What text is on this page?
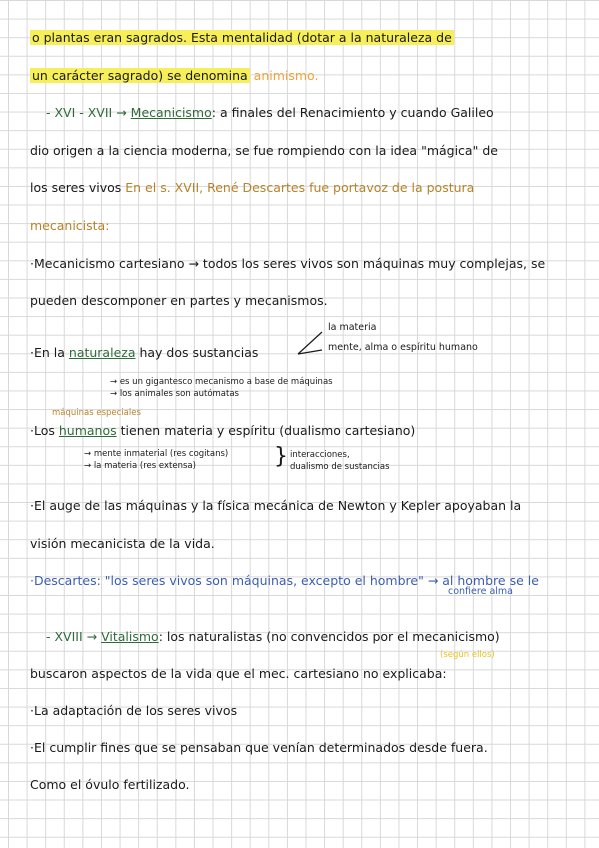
o plantas eran sagrados. Esta mentalidad (dotar a la naturaleza de
un carácter sagrado) se denomina animismo.
- XVI - XVII → Mecanicismo: a finales del Renacimiento y cuando Galileo
dio origen a la ciencia moderna, se fue rompiendo con la idea "mágica" de
los seres vivos En el s. XVII, René Descartes fue portavoz de la postura
mecanicista:
·Mecanicismo cartesiano → todos los seres vivos son máquinas muy complejas, se
pueden descomponer en partes y mecanismos.
·En la naturaleza hay dos sustancias
la materia
mente, alma o espíritu humano
→ es un gigantesco mecanismo a base de máquinas
→ los animales son autómatas
máquinas especiales
·Los humanos tienen materia y espíritu (dualismo cartesiano)
→ mente inmaterial (res cogitans)
→ la materia (res extensa)	} interacciones,
dualismo de sustancias
·El auge de las máquinas y la física mecánica de Newton y Kepler apoyaban la
visión mecanicista de la vida.
·Descartes: "los seres vivos son máquinas, excepto el hombre" → al hombre se le
confiere alma
- XVIII → Vitalismo: los naturalistas (no convencidos por el mecanicismo)
(según ellos)
buscaron aspectos de la vida que el mec. cartesiano no explicaba:
·La adaptación de los seres vivos
·El cumplir fines que se pensaban que venían determinados desde fuera.
Como el óvulo fertilizado.
